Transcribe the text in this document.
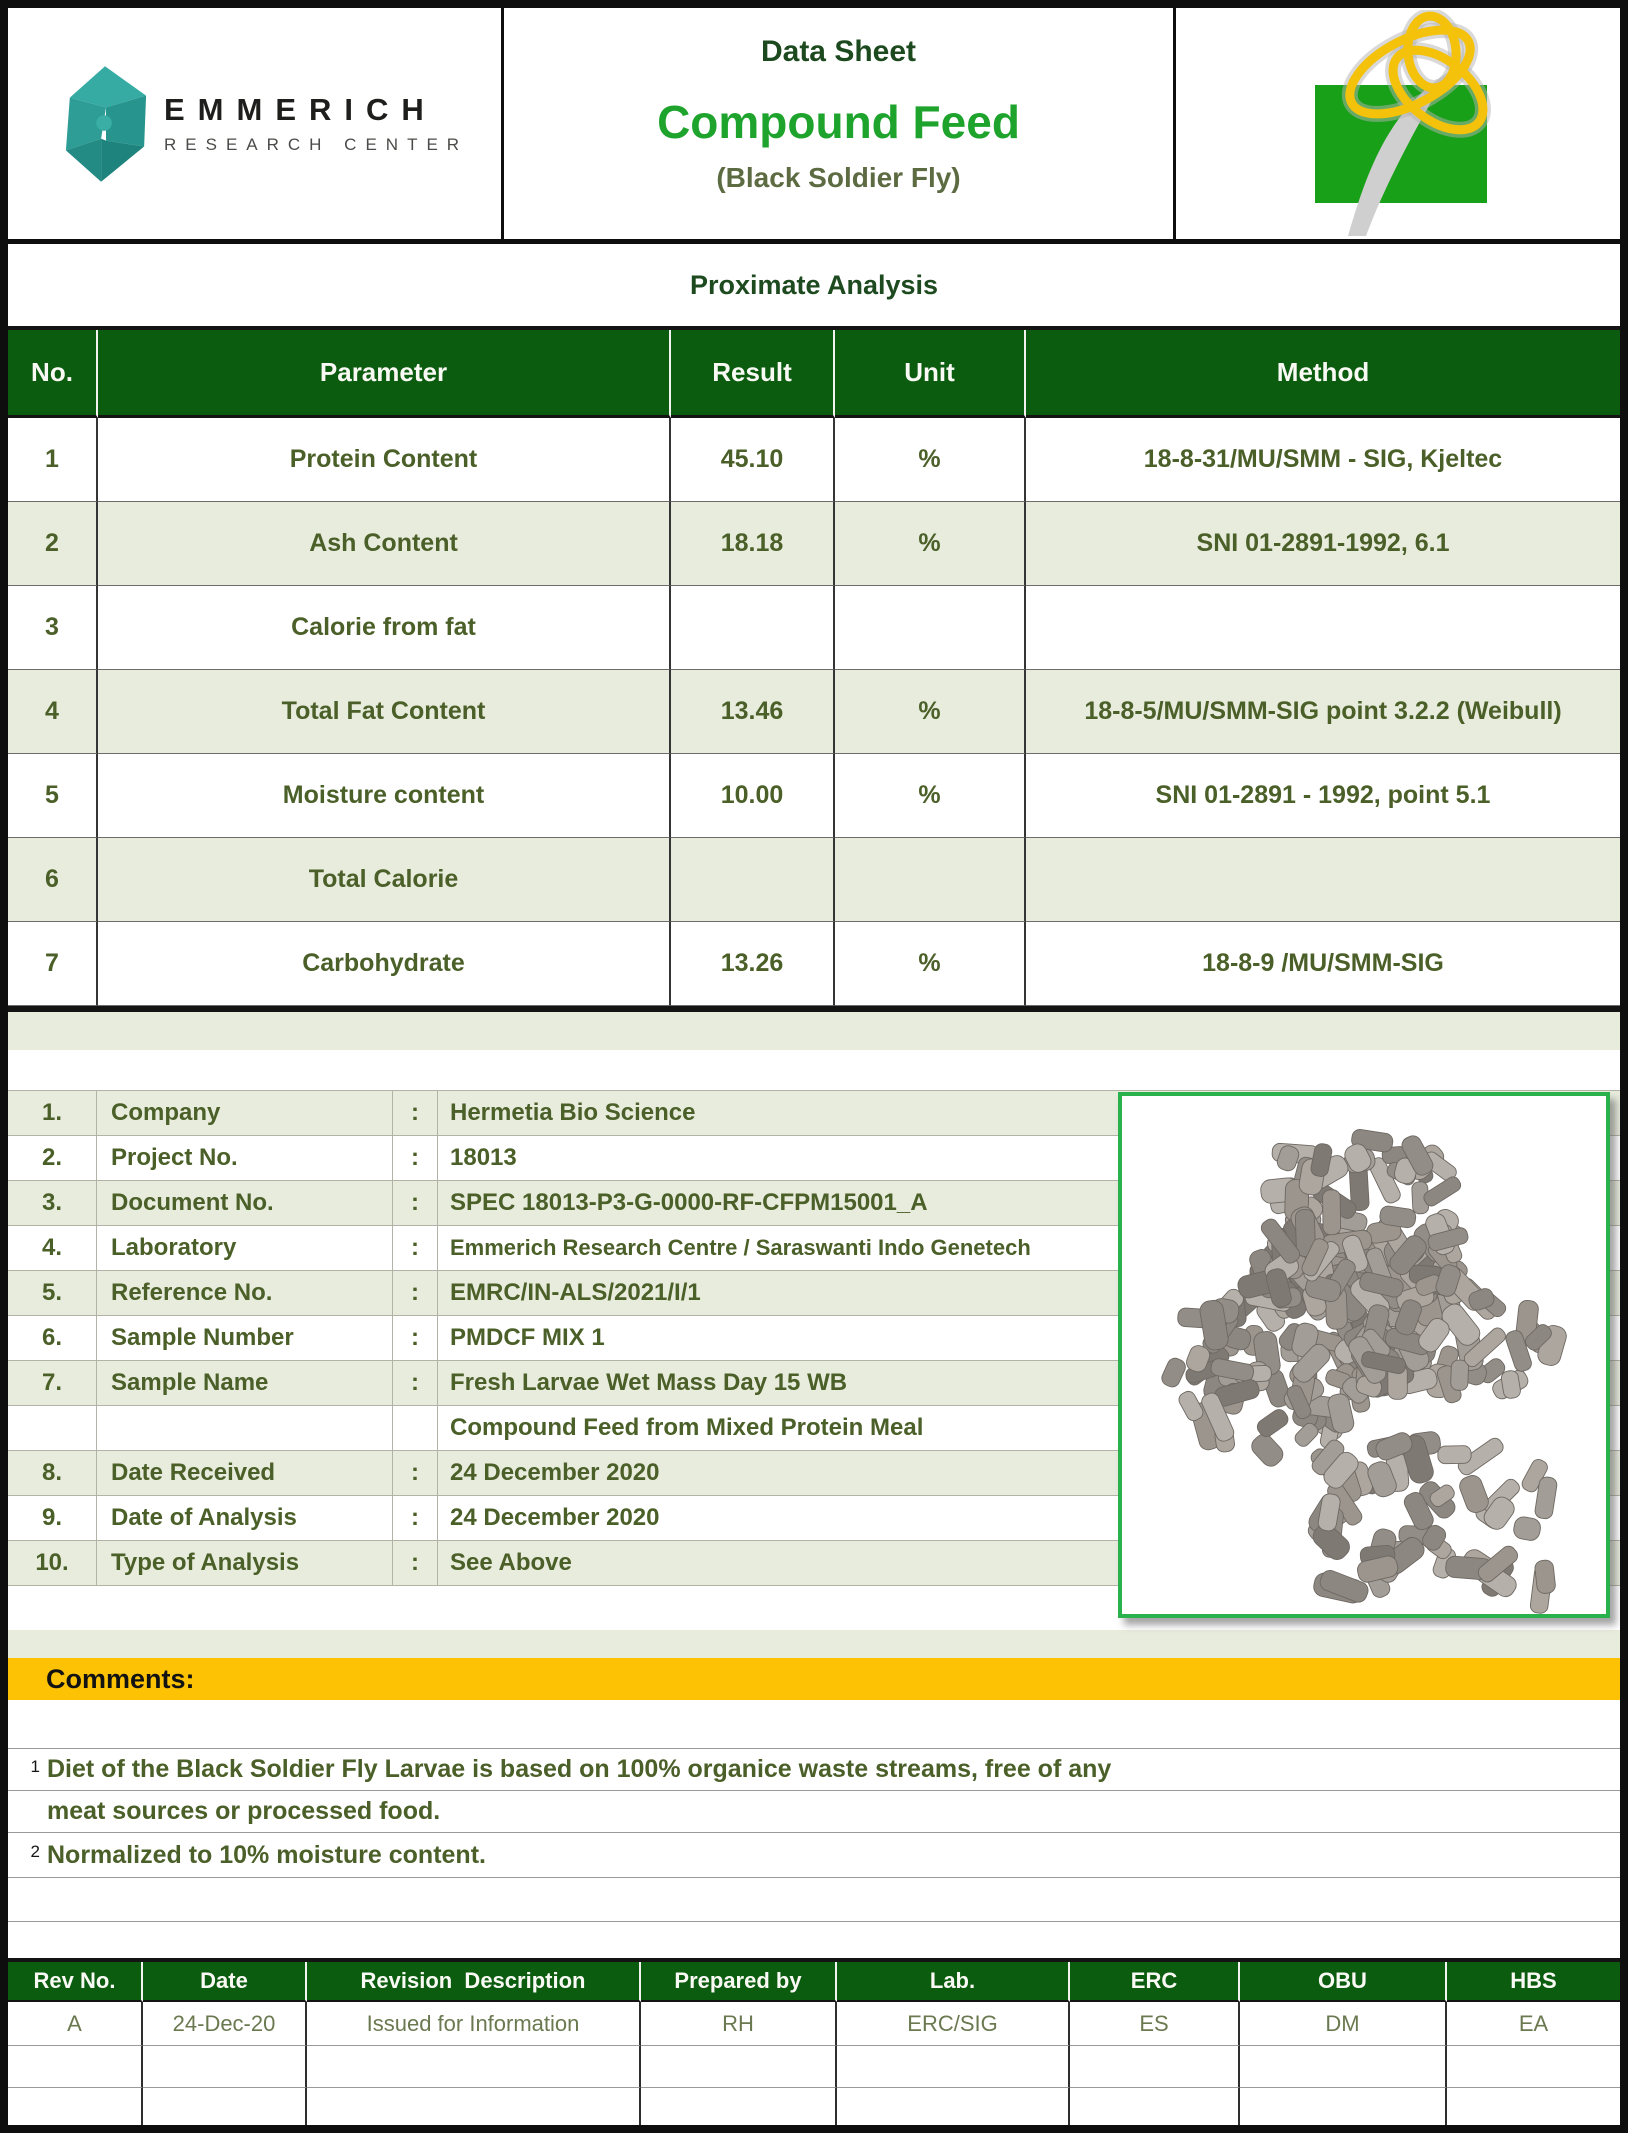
EMMERICH
RESEARCH CENTER
Data Sheet
Compound Feed
(Black Soldier Fly)
Proximate Analysis
No.	Parameter	Result	Unit	Method
1	Protein Content	45.10	%	18-8-31/MU/SMM - SIG, Kjeltec
2	Ash Content	18.18	%	SNI 01-2891-1992, 6.1
3	Calorie from fat
4	Total Fat Content	13.46	%	18-8-5/MU/SMM-SIG point 3.2.2 (Weibull)
5	Moisture content	10.00	%	SNI 01-2891 - 1992, point 5.1
6	Total Calorie
7	Carbohydrate	13.26	%	18-8-9 /MU/SMM-SIG
1.	Company	:	Hermetia Bio Science
2.	Project No.	:	18013
3.	Document No.	:	SPEC 18013-P3-G-0000-RF-CFPM15001_A
4.	Laboratory	:	Emmerich Research Centre / Saraswanti Indo Genetech
5.	Reference No.	:	EMRC/IN-ALS/2021/I/1
6.	Sample Number	:	PMDCF MIX 1
7.	Sample Name	:	Fresh Larvae Wet Mass Day 15 WB
Compound Feed from Mixed Protein Meal
8.	Date Received	:	24 December 2020
9.	Date of Analysis	:	24 December 2020
10.	Type of Analysis	:	See Above
Comments:
1 Diet of the Black Soldier Fly Larvae is based on 100% organice waste streams, free of any
meat sources or processed food.
2 Normalized to 10% moisture content.
Rev No.	Date	Revision  Description	Prepared by	Lab.	ERC	OBU	HBS
A	24-Dec-20	Issued for Information	RH	ERC/SIG	ES	DM	EA
